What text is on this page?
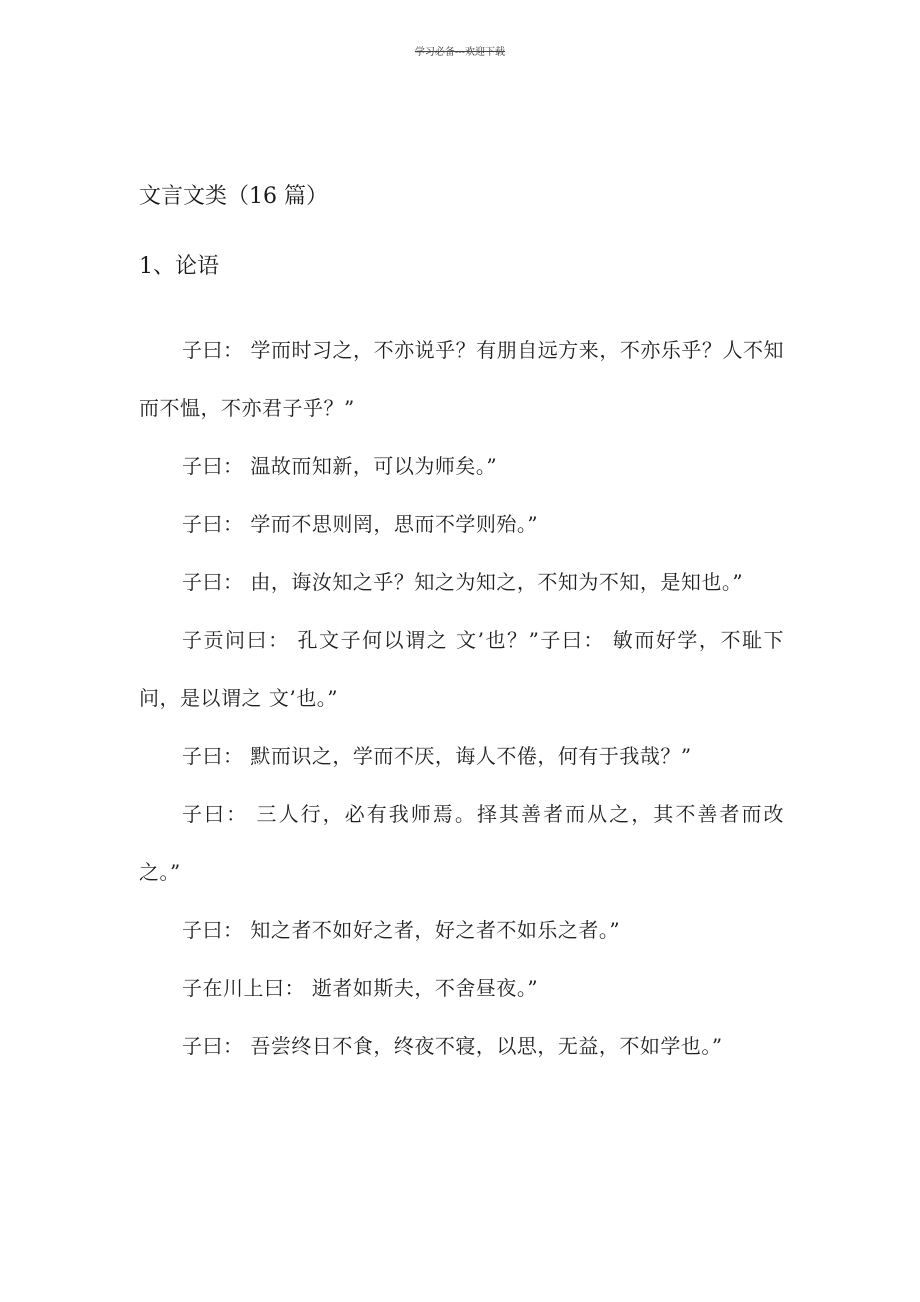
学习必备---欢迎下载
文言文类（16 篇）
1、论语

子曰： 学而时习之，不亦说乎？有朋自远方来，不亦乐乎？人不知而不愠，不亦君子乎？”

子曰： 温故而知新，可以为师矣。”

子曰： 学而不思则罔，思而不学则殆。”

子曰： 由，诲汝知之乎？知之为知之，不知为不知，是知也。”

子贡问曰： 孔文子何以谓之 文’也？”子曰： 敏而好学，不耻下问，是以谓之 文’也。”

子曰： 默而识之，学而不厌，诲人不倦，何有于我哉？”

子曰： 三人行，必有我师焉。择其善者而从之，其不善者而改之。”

子曰： 知之者不如好之者，好之者不如乐之者。”

子在川上曰： 逝者如斯夫，不舍昼夜。”

子曰： 吾尝终日不食，终夜不寝，以思，无益，不如学也。”
